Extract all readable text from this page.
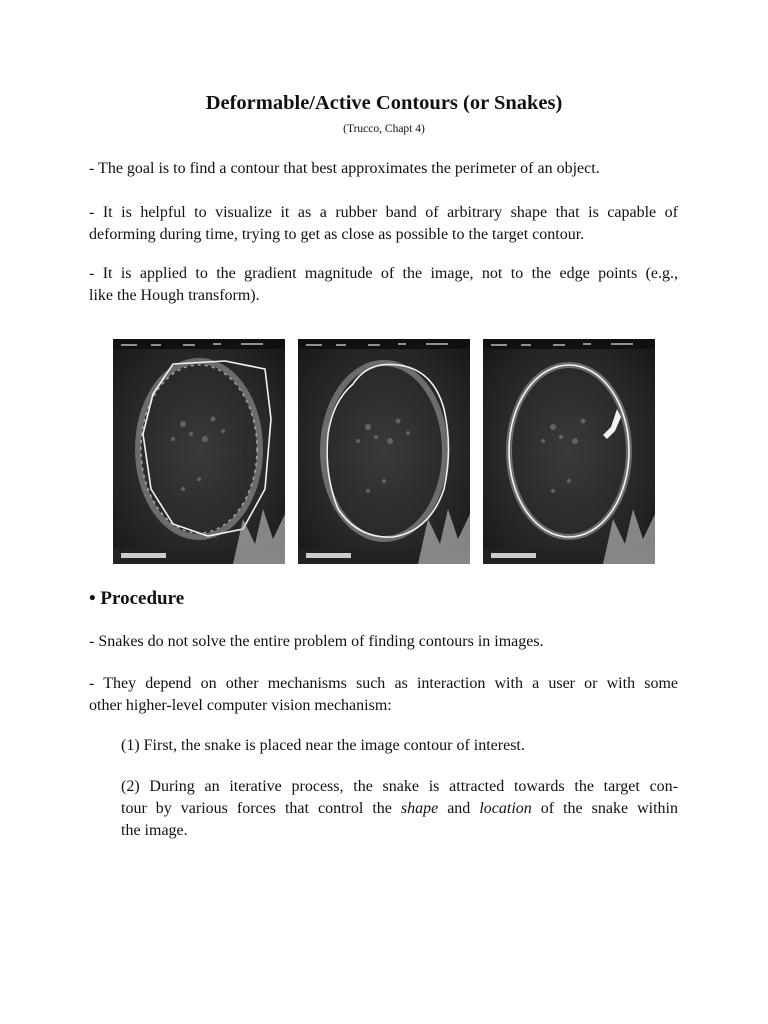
Deformable/Active Contours (or Snakes)

(Trucco, Chapt 4)

- The goal is to find a contour that best approximates the perimeter of an object.

- It is helpful to visualize it as a rubber band of arbitrary shape that is capable of
deforming during time, trying to get as close as possible to the target contour.

- It is applied to the gradient magnitude of the image, not to the edge points (e.g.,
like the Hough transform).

• Procedure

- Snakes do not solve the entire problem of finding contours in images.

- They depend on other mechanisms such as interaction with a user or with some
other higher-level computer vision mechanism:

(1) First, the snake is placed near the image contour of interest.

(2) During an iterative process, the snake is attracted towards the target con-
tour by various forces that control the shape and location of the snake within
the image.
